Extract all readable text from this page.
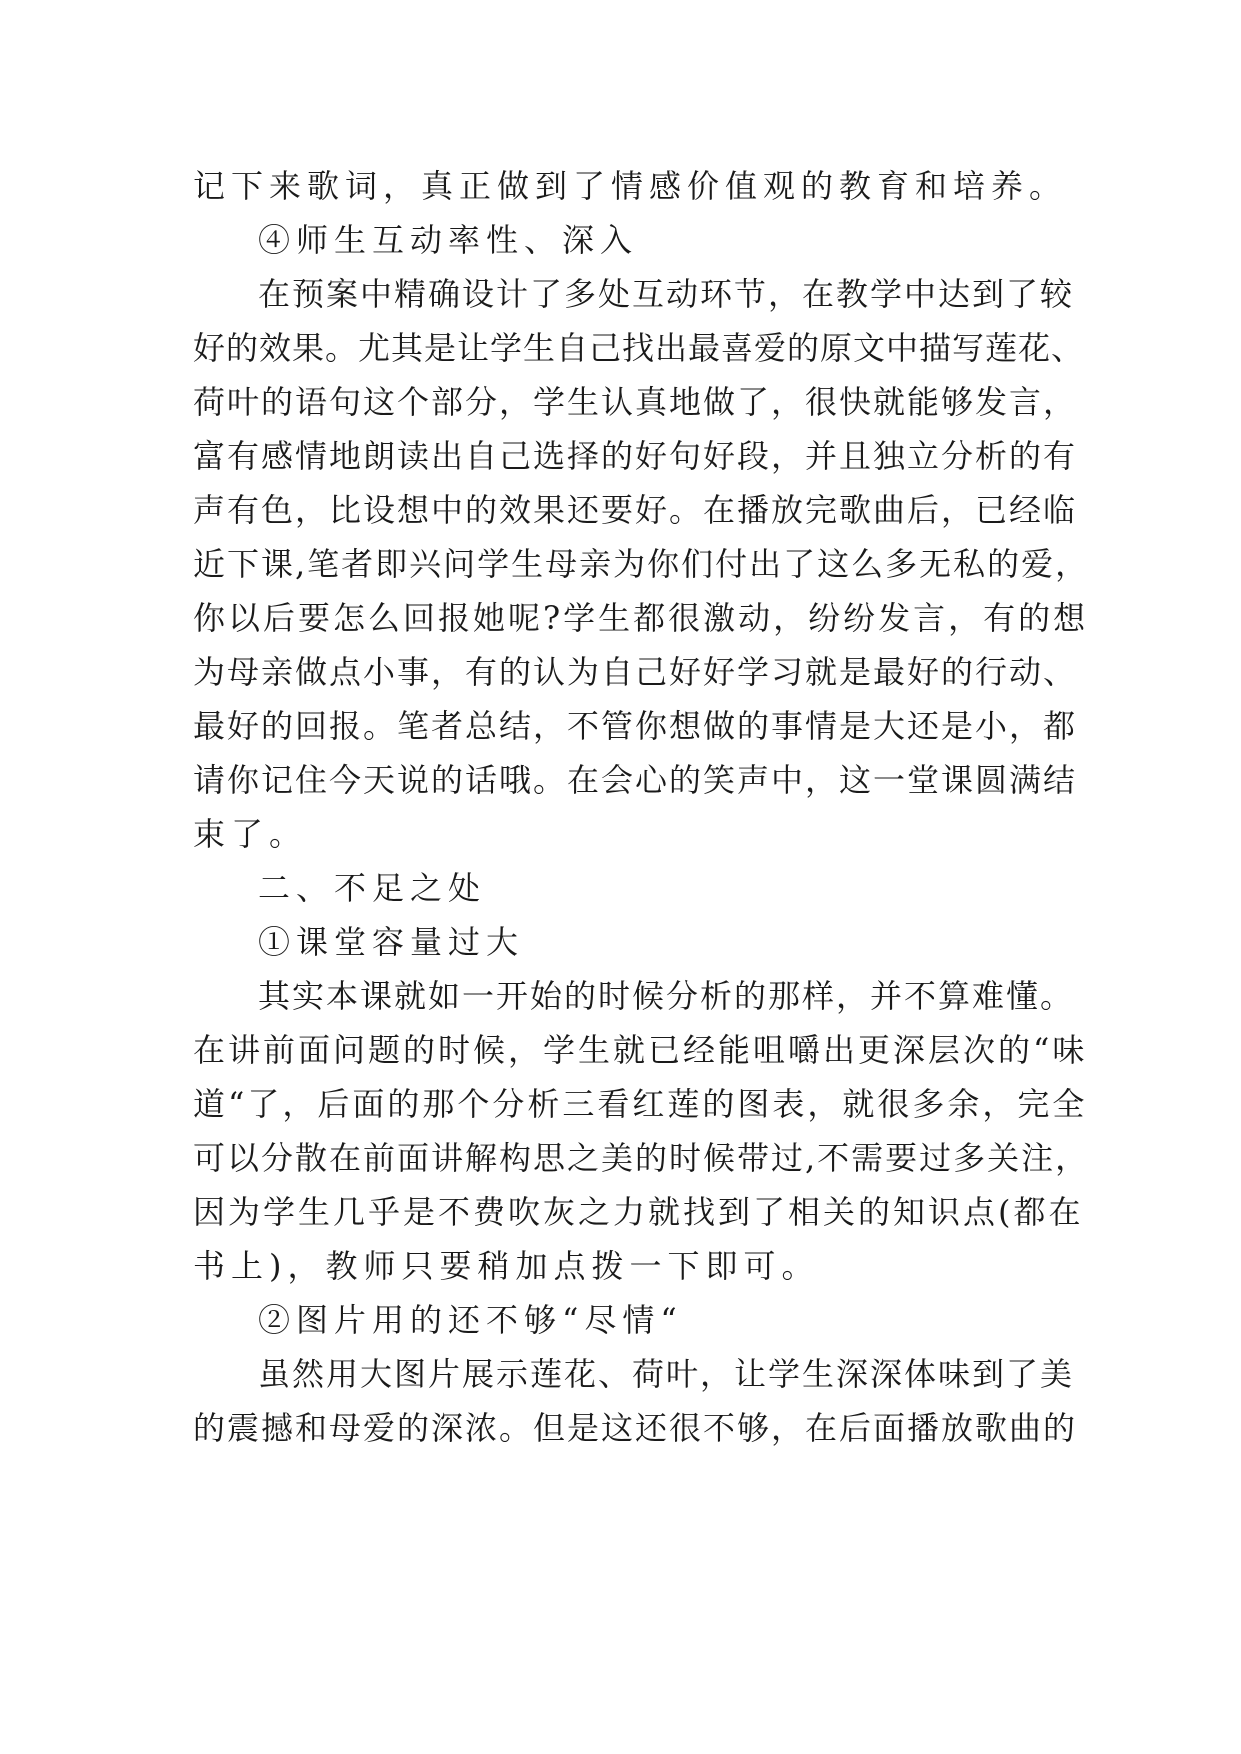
记下来歌词，真正做到了情感价值观的教育和培养。
④师生互动率性、深入
在预案中精确设计了多处互动环节，在教学中达到了较
好的效果。尤其是让学生自己找出最喜爱的原文中描写莲花、
荷叶的语句这个部分，学生认真地做了，很快就能够发言，
富有感情地朗读出自己选择的好句好段，并且独立分析的有
声有色，比设想中的效果还要好。在播放完歌曲后，已经临
近下课,笔者即兴问学生母亲为你们付出了这么多无私的爱，
你以后要怎么回报她呢?学生都很激动，纷纷发言，有的想
为母亲做点小事，有的认为自己好好学习就是最好的行动、
最好的回报。笔者总结，不管你想做的事情是大还是小，都
请你记住今天说的话哦。在会心的笑声中，这一堂课圆满结
束了。
二、不足之处
①课堂容量过大
其实本课就如一开始的时候分析的那样，并不算难懂。
在讲前面问题的时候，学生就已经能咀嚼出更深层次的“味
道“了，后面的那个分析三看红莲的图表，就很多余，完全
可以分散在前面讲解构思之美的时候带过,不需要过多关注，
因为学生几乎是不费吹灰之力就找到了相关的知识点(都在
书上)，教师只要稍加点拨一下即可。
②图片用的还不够“尽情“
虽然用大图片展示莲花、荷叶，让学生深深体味到了美
的震撼和母爱的深浓。但是这还很不够，在后面播放歌曲的
